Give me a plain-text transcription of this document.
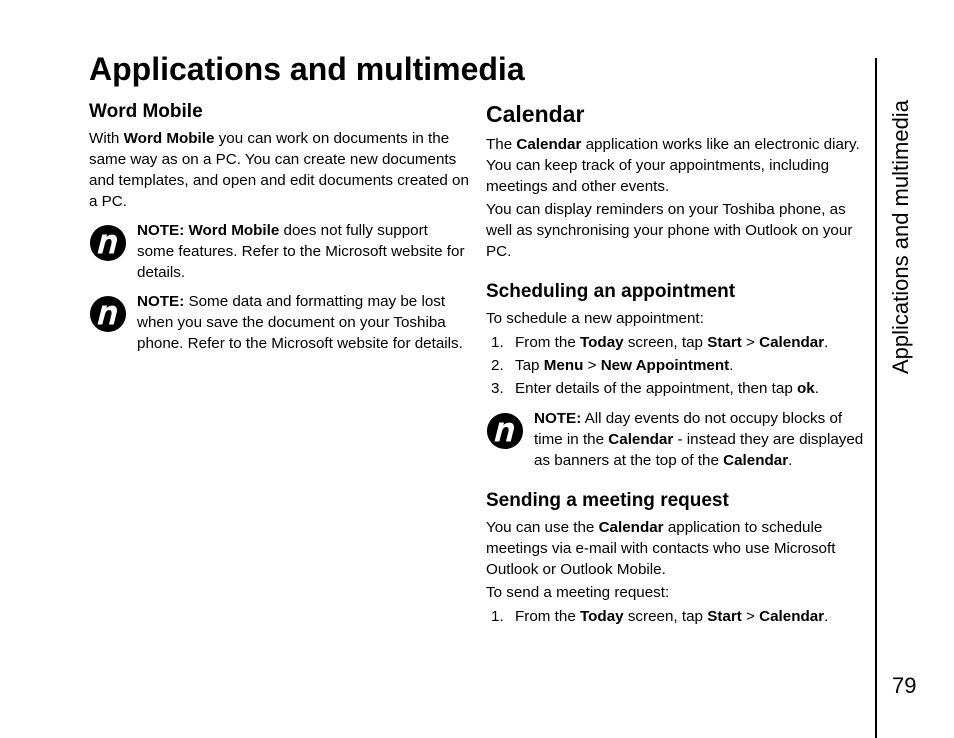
Applications and multimedia
Word Mobile

With Word Mobile you can work on documents in the same way as on a PC. You can create new documents and templates, and open and edit documents created on a PC.

NOTE: Word Mobile does not fully support some features. Refer to the Microsoft website for details.
NOTE: Some data and formatting may be lost when you save the document on your Toshiba phone. Refer to the Microsoft website for details.
Calendar

The Calendar application works like an electronic diary. You can keep track of your appointments, including meetings and other events.

You can display reminders on your Toshiba phone, as well as synchronising your phone with Outlook on your PC.

Scheduling an appointment

To schedule a new appointment:

1. From the Today screen, tap Start > Calendar.
2. Tap Menu > New Appointment.
3. Enter details of the appointment, then tap ok.
NOTE: All day events do not occupy blocks of time in the Calendar - instead they are displayed as banners at the top of the Calendar.
Sending a meeting request

You can use the Calendar application to schedule meetings via e-mail with contacts who use Microsoft Outlook or Outlook Mobile.

To send a meeting request:

1. From the Today screen, tap Start > Calendar.
Applications and multimedia
79
